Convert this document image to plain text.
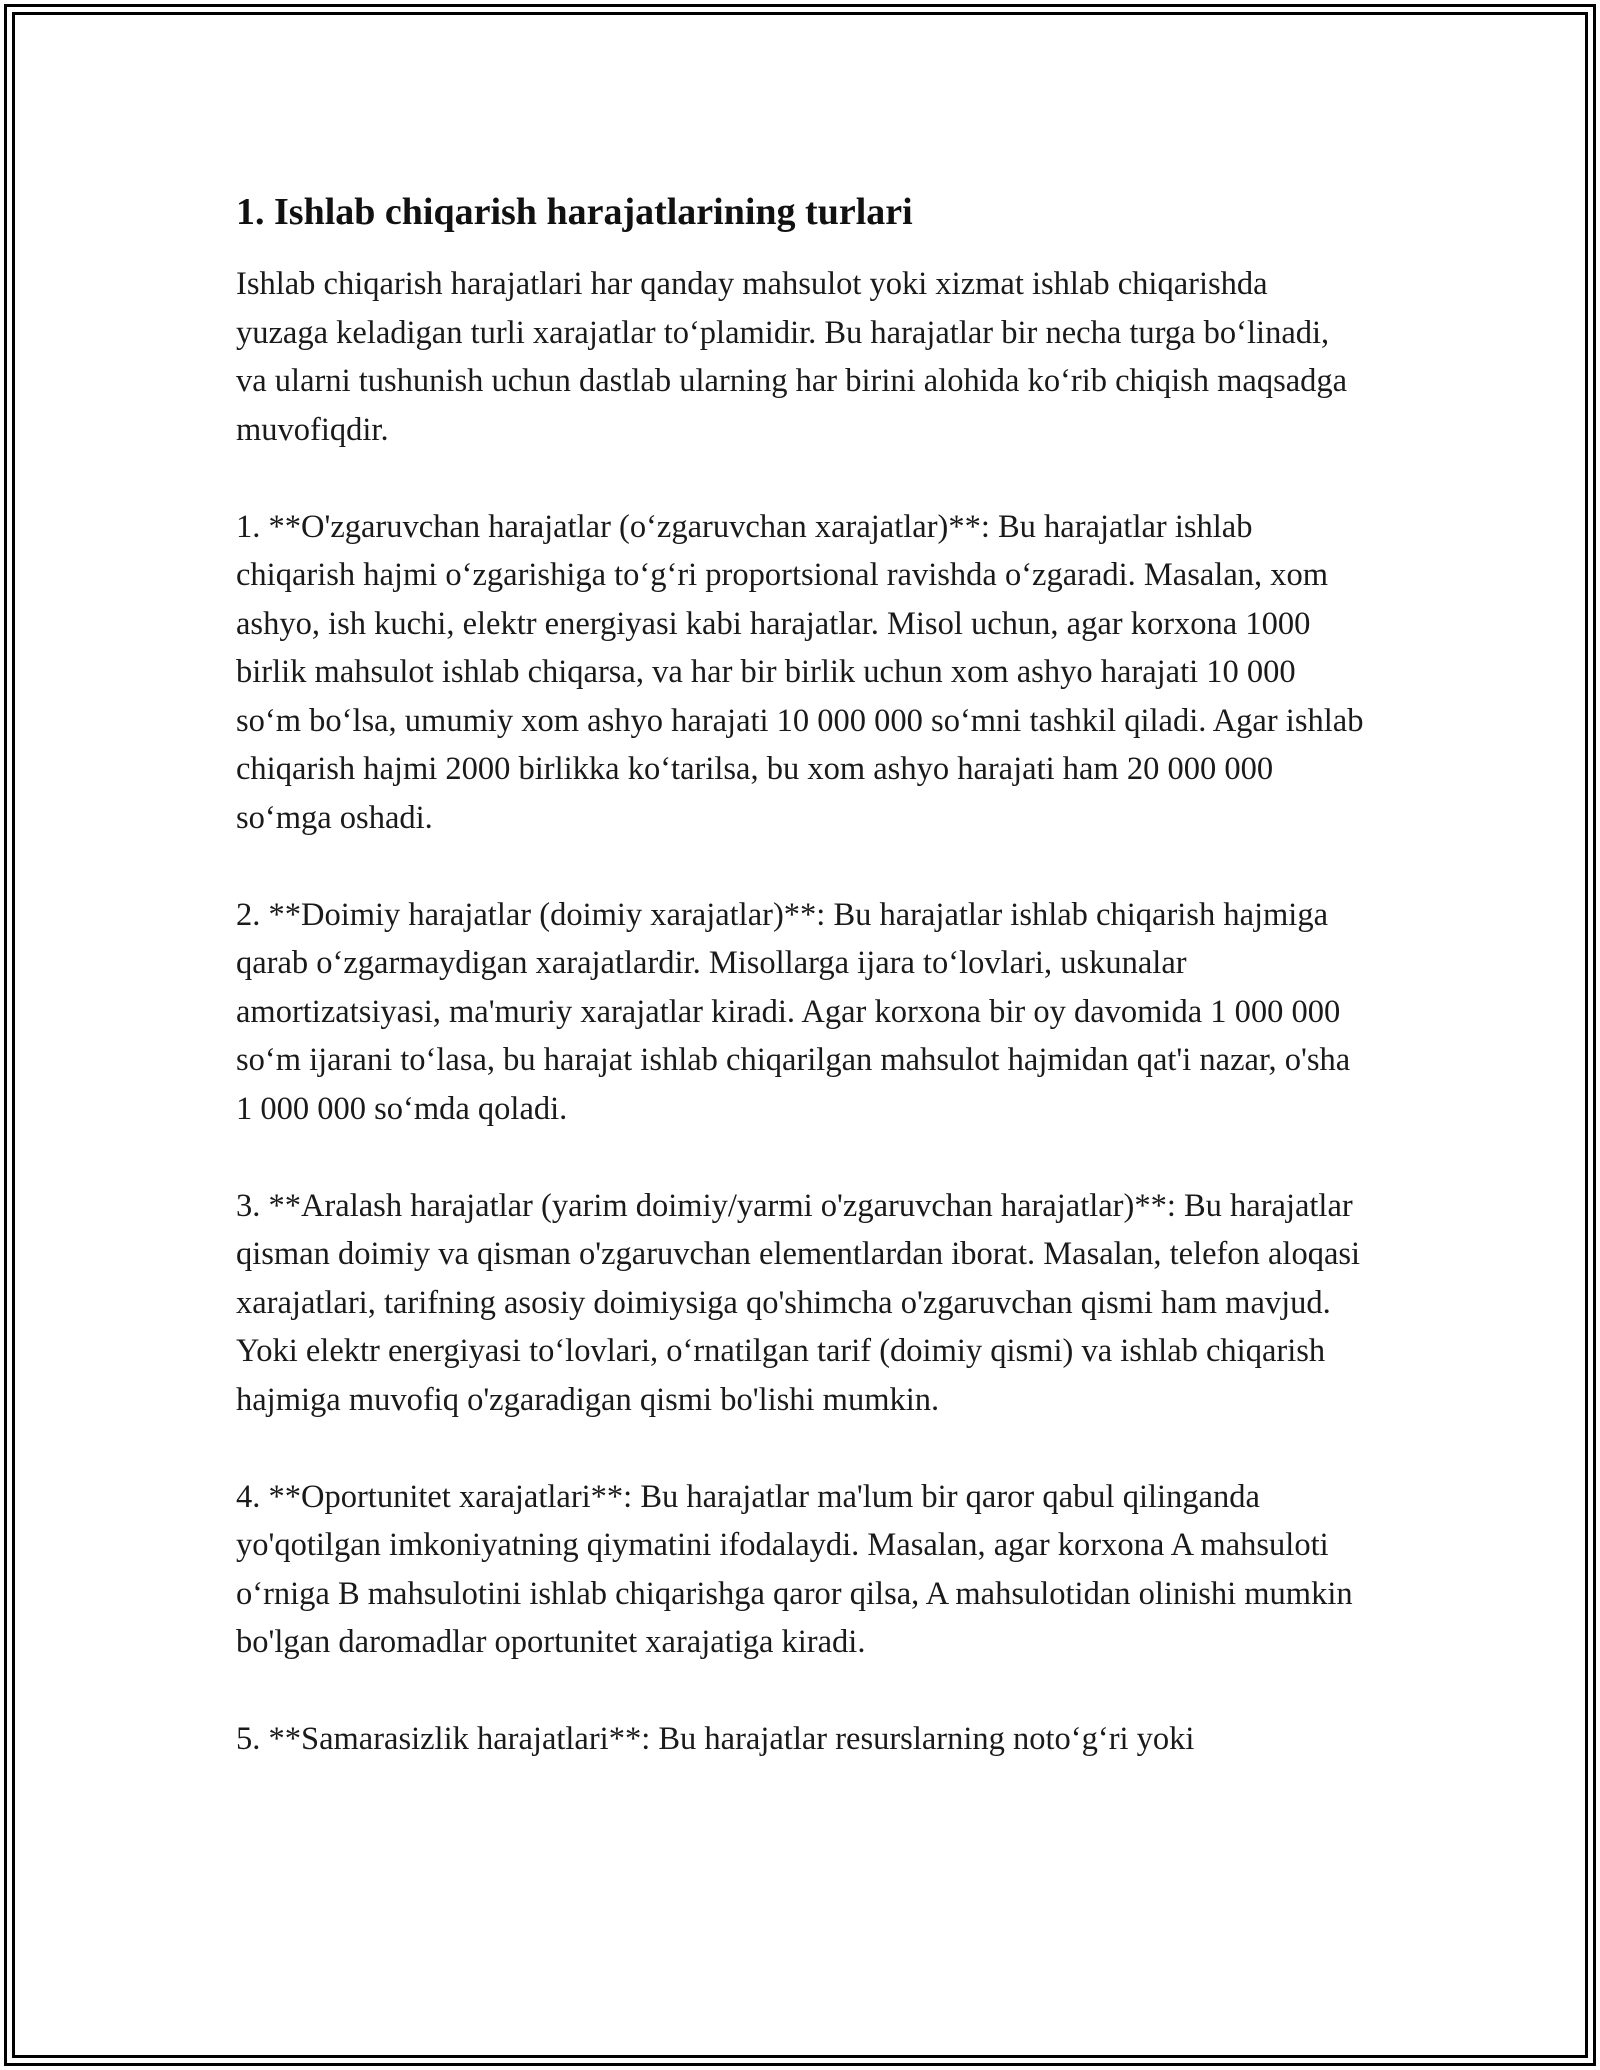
1. Ishlab chiqarish harajatlarining turlari

Ishlab chiqarish harajatlari har qanday mahsulot yoki xizmat ishlab chiqarishda yuzaga keladigan turli xarajatlar to‘plamidir. Bu harajatlar bir necha turga bo‘linadi, va ularni tushunish uchun dastlab ularning har birini alohida ko‘rib chiqish maqsadga muvofiqdir.

1. **O'zgaruvchan harajatlar (o‘zgaruvchan xarajatlar)**: Bu harajatlar ishlab chiqarish hajmi o‘zgarishiga to‘g‘ri proportsional ravishda o‘zgaradi. Masalan, xom ashyo, ish kuchi, elektr energiyasi kabi harajatlar. Misol uchun, agar korxona 1000 birlik mahsulot ishlab chiqarsa, va har bir birlik uchun xom ashyo harajati 10 000 so‘m bo‘lsa, umumiy xom ashyo harajati 10 000 000 so‘mni tashkil qiladi. Agar ishlab chiqarish hajmi 2000 birlikka ko‘tarilsa, bu xom ashyo harajati ham 20 000 000 so‘mga oshadi.

2. **Doimiy harajatlar (doimiy xarajatlar)**: Bu harajatlar ishlab chiqarish hajmiga qarab o‘zgarmaydigan xarajatlardir. Misollarga ijara to‘lovlari, uskunalar amortizatsiyasi, ma'muriy xarajatlar kiradi. Agar korxona bir oy davomida 1 000 000 so‘m ijarani to‘lasa, bu harajat ishlab chiqarilgan mahsulot hajmidan qat'i nazar, o'sha 1 000 000 so‘mda qoladi.

3. **Aralash harajatlar (yarim doimiy/yarmi o'zgaruvchan harajatlar)**: Bu harajatlar qisman doimiy va qisman o'zgaruvchan elementlardan iborat. Masalan, telefon aloqasi xarajatlari, tarifning asosiy doimiysiga qo'shimcha o'zgaruvchan qismi ham mavjud. Yoki elektr energiyasi to‘lovlari, o‘rnatilgan tarif (doimiy qismi) va ishlab chiqarish hajmiga muvofiq o'zgaradigan qismi bo'lishi mumkin.

4. **Oportunitet xarajatlari**: Bu harajatlar ma'lum bir qaror qabul qilinganda yo'qotilgan imkoniyatning qiymatini ifodalaydi. Masalan, agar korxona A mahsuloti o‘rniga B mahsulotini ishlab chiqarishga qaror qilsa, A mahsulotidan olinishi mumkin bo'lgan daromadlar oportunitet xarajatiga kiradi.

5. **Samarasizlik harajatlari**: Bu harajatlar resurslarning noto‘g‘ri yoki
